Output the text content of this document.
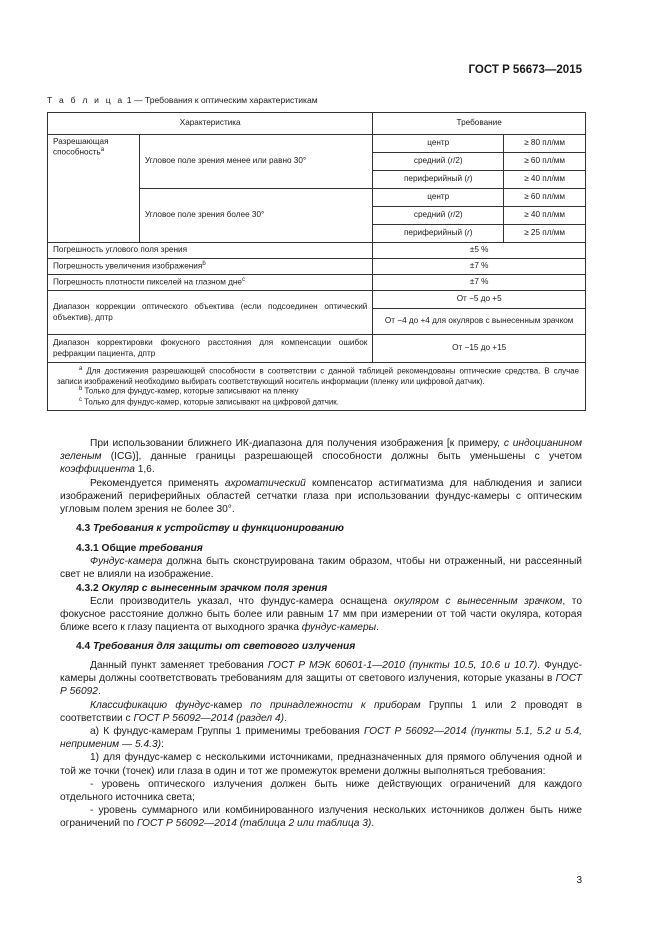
ГОСТ Р 56673—2015
Т а б л и ц а 1 — Требования к оптическим характеристикам
Характеристика		Требование	
Разрешающая способность$^a$	Угловое поле зрения менее или равно 30°	центр	≥ 80 пл/мм
		средний (r/2)	≥ 60 пл/мм
		периферийный (r)	≥ 40 пл/мм
	Угловое поле зрения более 30°	центр	≥ 60 пл/мм
		средний (r/2)	≥ 40 пл/мм
		периферийный (r)	≥ 25 пл/мм
Погрешность углового поля зрения		±5 %	
Погрешность увеличения изображения$^b$		±7 %	
Погрешность плотности пикселей на глазном дне$^c$		±7 %	
Диапазон коррекции оптического объектива (если подсоединен оптический объектив), дптр		От −5 до +5	
		От −4 до +4 для окуляров с вынесенным зрачком	
Диапазон корректировки фокусного расстояния для компенсации ошибок рефракции пациента, дптр		От −15 до +15	

$^a$ Для достижения разрешающей способности в соответствии с данной таблицей рекомендованы оптические средства. В случае записи изображений необходимо выбирать соответствующий носитель информации (пленку или цифровой датчик).
$^b$ Только для фундус-камер, которые записывают на пленку
$^c$ Только для фундус-камер, которые записывают на цифровой датчик.			

При использовании ближнего ИК-диапазона для получения изображения [к примеру, с индоцианином зеленым (ICG)], данные границы разрешающей способности должны быть уменьшены с учетом коэффициента 1,6.

Рекомендуется применять ахроматический компенсатор астигматизма для наблюдения и записи изображений периферийных областей сетчатки глаза при использовании фундус-камеры с оптическим угловым полем зрения не более 30°.

4.3 Требования к устройству и функционированию

4.3.1 Общие требования

Фундус-камера должна быть сконструирована таким образом, чтобы ни отраженный, ни рассеянный свет не влияли на изображение.

4.3.2 Окуляр с вынесенным зрачком поля зрения

Если производитель указал, что фундус-камера оснащена окуляром с вынесенным зрачком, то фокусное расстояние должно быть более или равным 17 мм при измерении от той части окуляра, которая ближе всего к глазу пациента от выходного зрачка фундус-камеры.

4.4 Требования для защиты от светового излучения

Данный пункт заменяет требования ГОСТ Р МЭК 60601-1—2010 (пункты 10.5, 10.6 и 10.7). Фундус-камеры должны соответствовать требованиям для защиты от светового излучения, которые указаны в ГОСТ Р 56092.

Классификацию фундус-камер по принадлежности к приборам Группы 1 или 2 проводят в соответствии с ГОСТ Р 56092—2014 (раздел 4).

а) К фундус-камерам Группы 1 применимы требования ГОСТ Р 56092—2014 (пункты 5.1, 5.2 и 5.4, неприменим — 5.4.3):

1) для фундус-камер с несколькими источниками, предназначенных для прямого облучения одной и той же точки (точек) или глаза в один и тот же промежуток времени должны выполняться требования:

- уровень оптического излучения должен быть ниже действующих ограничений для каждого отдельного источника света;

- уровень суммарного или комбинированного излучения нескольких источников должен быть ниже ограничений по ГОСТ Р 56092—2014 (таблица 2 или таблица 3).

3
